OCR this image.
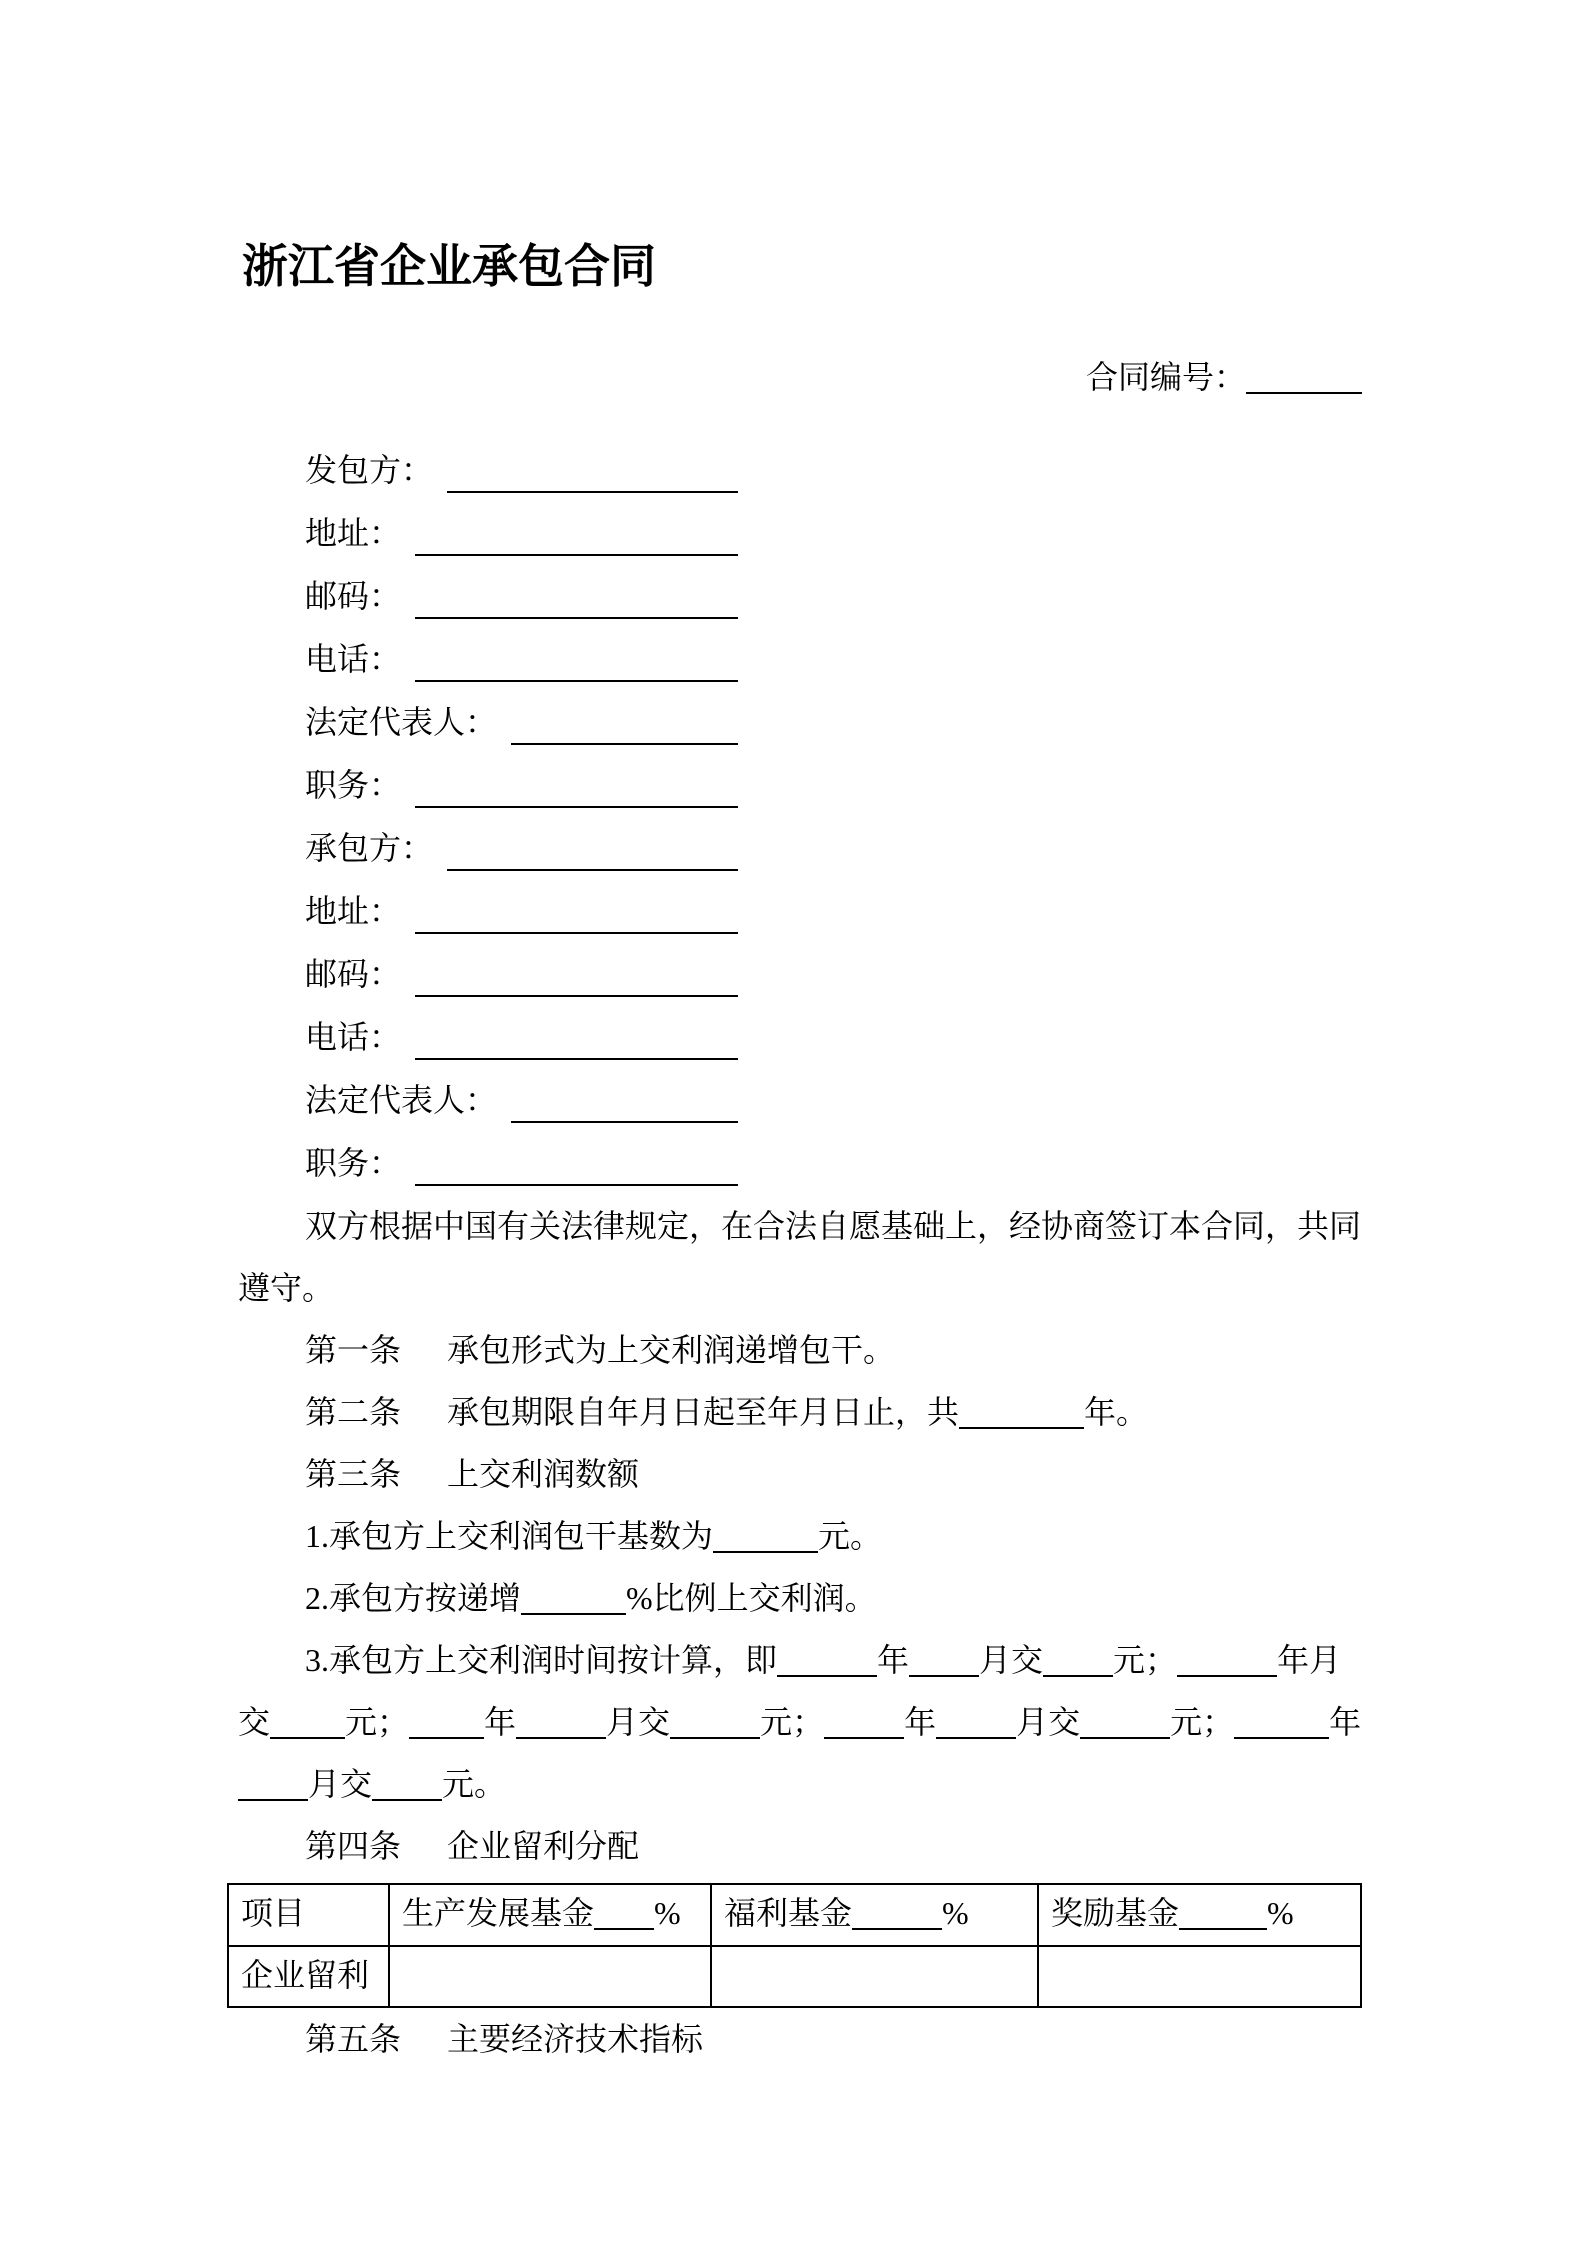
浙江省企业承包合同
合同编号：
发包方：
地址：
邮码：
电话：
法定代表人：
职务：
承包方：
地址：
邮码：
电话：
法定代表人：
职务：

双方根据中国有关法律规定，在合法自愿基础上，经协商签订本合同，共同遵守。

第一条 承包形式为上交利润递增包干。

第二条 承包期限自年月日起至年月日止，共	年。

第三条 上交利润数额

1.承包方上交利润包干基数为	元。

2.承包方按递增	%比例上交利润。

3.承包方上交利润时间按计算，即	年 月交 元；	年月交 元； 年	月交	元；	年	月交	元；	年月交 元。

第四条 企业留利分配

项目	生产发展基金 %	福利基金 %	奖励基金 %
企业留利			

第五条 主要经济技术指标
